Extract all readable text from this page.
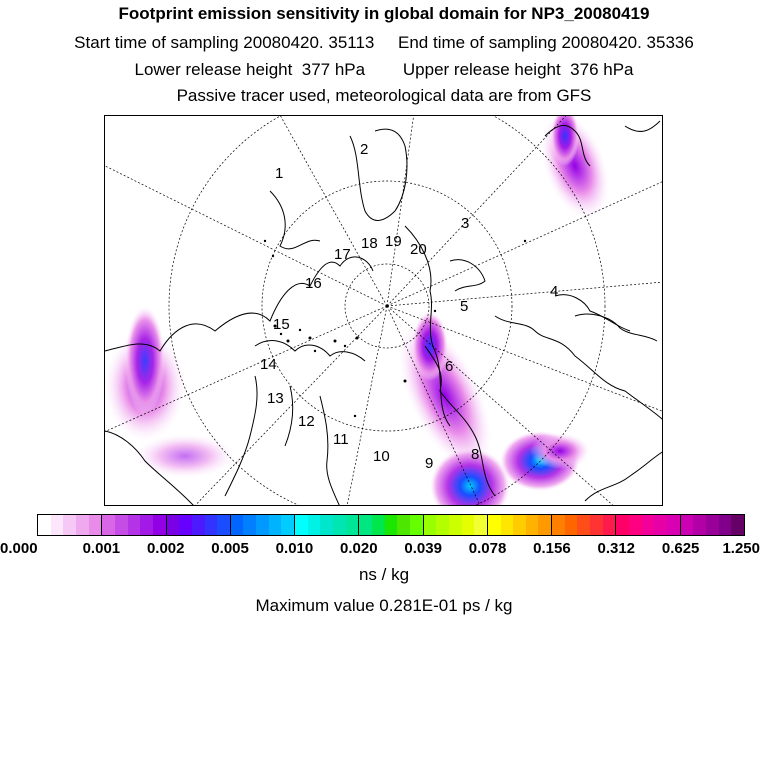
Footprint emission sensitivity in global domain for NP3_20080419
Start time of sampling 20080420. 35113     End time of sampling 20080420. 35336
Lower release height  377 hPa        Upper release height  376 hPa
Passive tracer used, meteorological data are from GFS
1
2
3
4
5
6
8
9
10
11
12
13
14
15
16
17
18 19 20
0.000	0.001 0.002 0.005 0.010 0.020 0.039 0.078 0.156 0.312 0.625 1.250
ns / kg
Maximum value 0.281E-01 ps / kg
